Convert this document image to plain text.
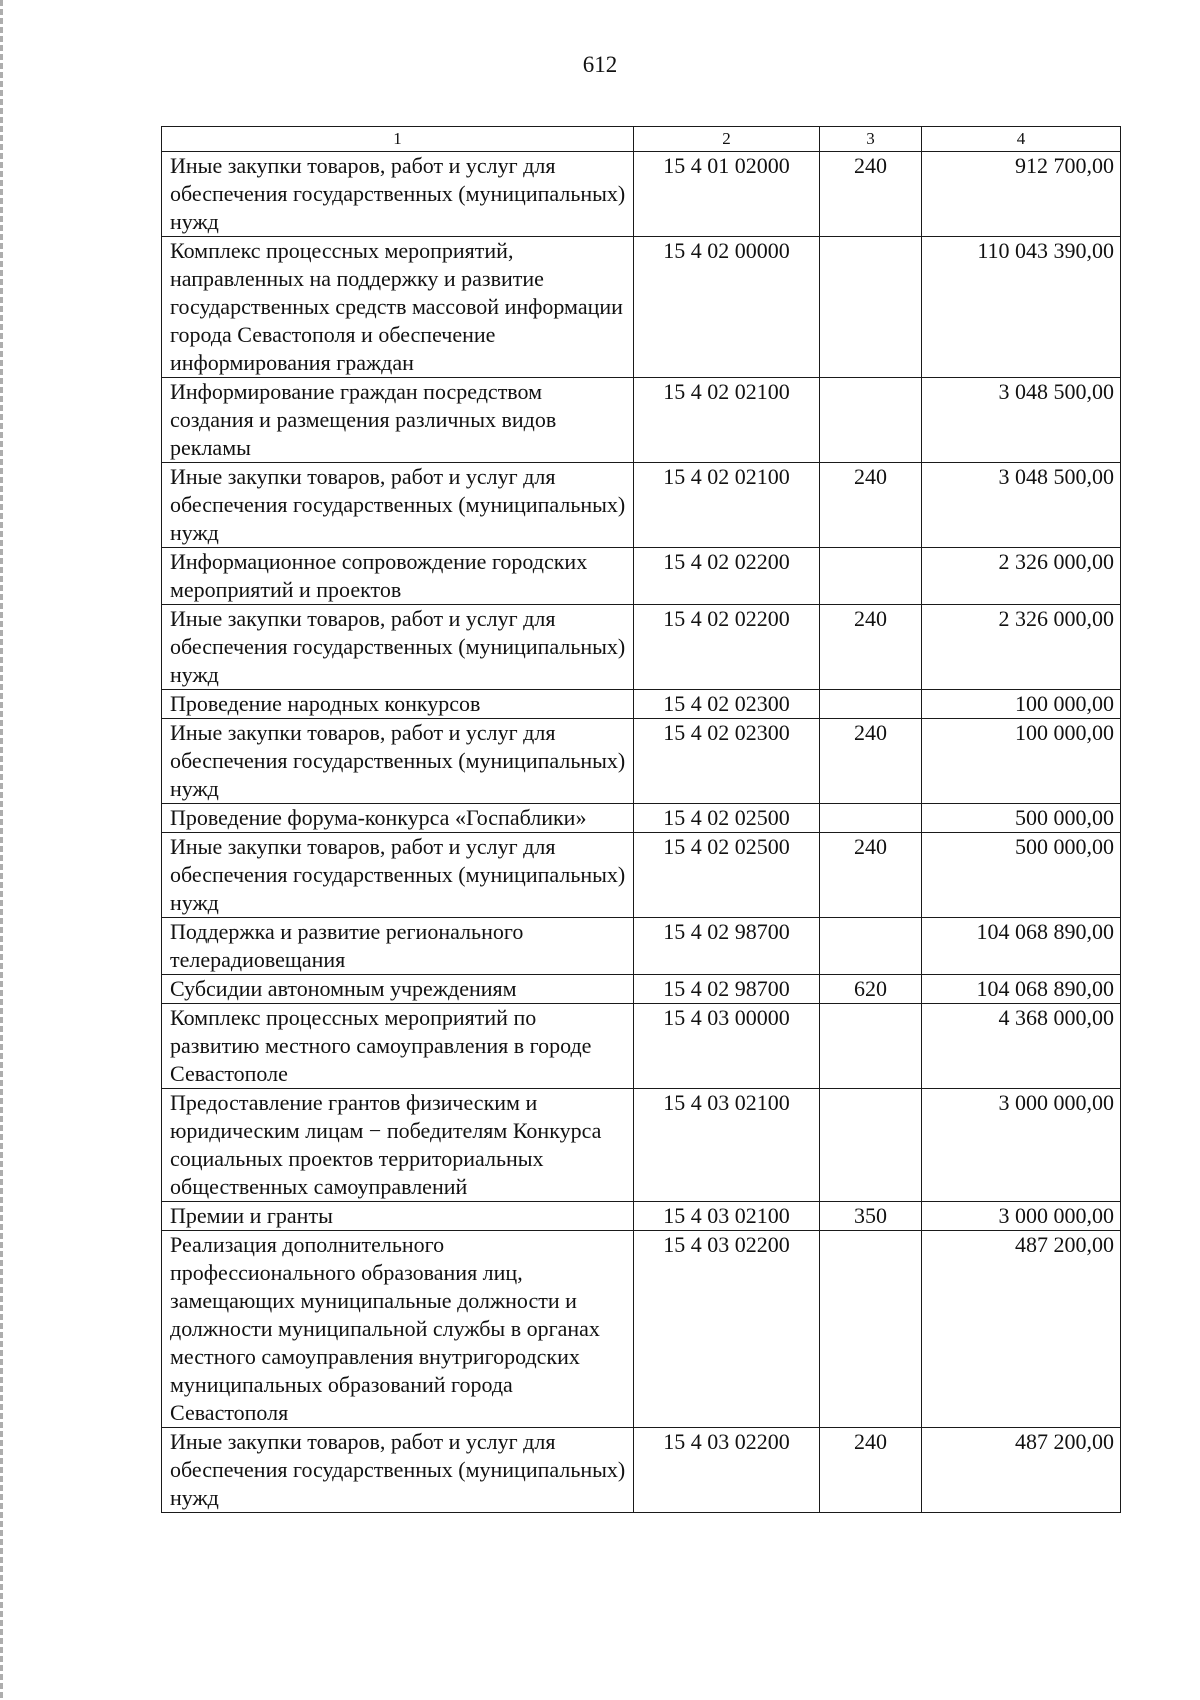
612
1	2	3	4
Иные закупки товаров, работ и услуг для обеспечения государственных (муниципальных) нужд	15 4 01 02000	240	912 700,00
Комплекс процессных мероприятий, направленных на поддержку и развитие государственных средств массовой информации города Севастополя и обеспечение информирования граждан	15 4 02 00000		110 043 390,00
Информирование граждан посредством создания и размещения различных видов рекламы	15 4 02 02100		3 048 500,00
Иные закупки товаров, работ и услуг для обеспечения государственных (муниципальных) нужд	15 4 02 02100	240	3 048 500,00
Информационное сопровождение городских мероприятий и проектов	15 4 02 02200		2 326 000,00
Иные закупки товаров, работ и услуг для обеспечения государственных (муниципальных) нужд	15 4 02 02200	240	2 326 000,00
Проведение народных конкурсов	15 4 02 02300		100 000,00
Иные закупки товаров, работ и услуг для обеспечения государственных (муниципальных) нужд	15 4 02 02300	240	100 000,00
Проведение форума-конкурса «Госпаблики»	15 4 02 02500		500 000,00
Иные закупки товаров, работ и услуг для обеспечения государственных (муниципальных) нужд	15 4 02 02500	240	500 000,00
Поддержка и развитие регионального телерадиовещания	15 4 02 98700		104 068 890,00
Субсидии автономным учреждениям	15 4 02 98700	620	104 068 890,00
Комплекс процессных мероприятий по развитию местного самоуправления в городе Севастополе	15 4 03 00000		4 368 000,00
Предоставление грантов физическим и юридическим лицам − победителям Конкурса социальных проектов территориальных общественных самоуправлений	15 4 03 02100		3 000 000,00
Премии и гранты	15 4 03 02100	350	3 000 000,00
Реализация дополнительного профессионального образования лиц, замещающих муниципальные должности и должности муниципальной службы в органах местного самоуправления внутригородских муниципальных образований города Севастополя	15 4 03 02200		487 200,00
Иные закупки товаров, работ и услуг для обеспечения государственных (муниципальных) нужд	15 4 03 02200	240	487 200,00
